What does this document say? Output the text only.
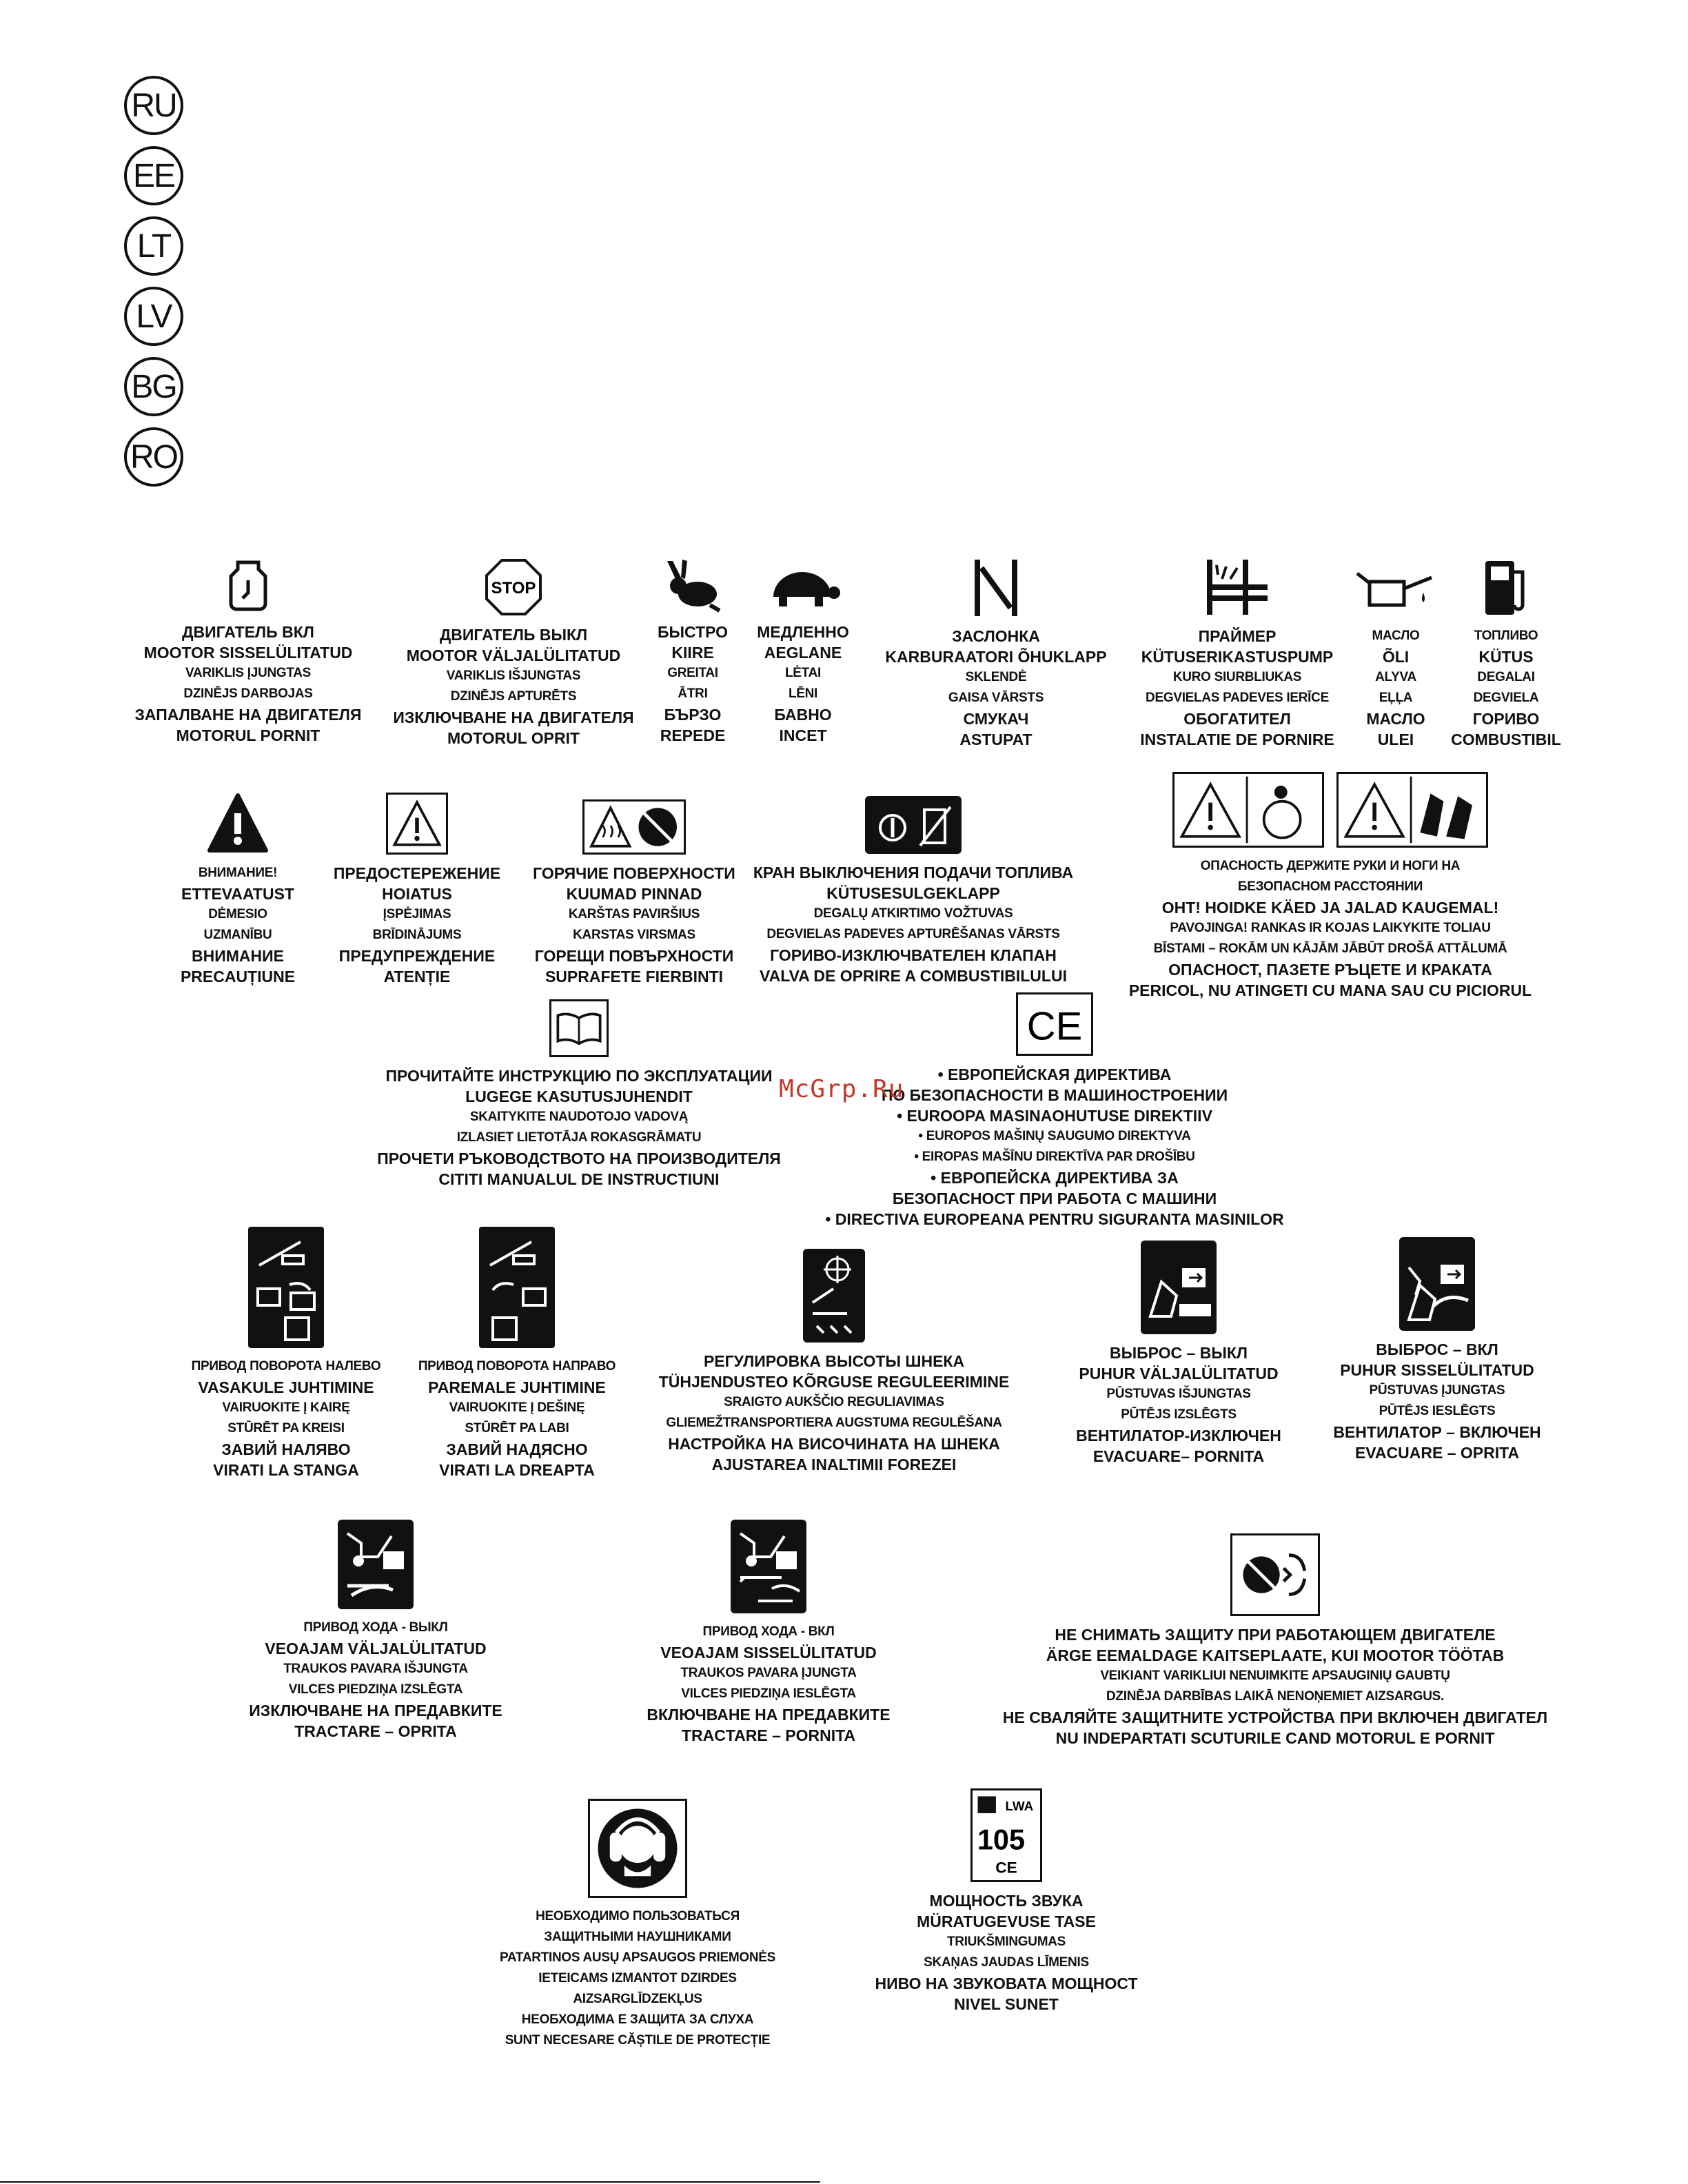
RU
EE
LT
LV
BG
RO
ДВИГАТЕЛЬ ВКЛ
MOOTOR SISSELÜLITATUD
VARIKLIS ĮJUNGTAS
DZINĒJS DARBOJAS
ЗАПАЛВАНЕ НА ДВИГАТЕЛЯ
MOTORUL PORNIT
STOP
ДВИГАТЕЛЬ ВЫКЛ
MOOTOR VÄLJALÜLITATUD
VARIKLIS IŠJUNGTAS
DZINĒJS APTURĒTS
ИЗКЛЮЧВАНЕ НА ДВИГАТЕЛЯ
MOTORUL OPRIT
БЫСТРО
KIIRE
GREITAI
ĀTRI
БЪРЗО
REPEDE
МЕДЛЕННО
AEGLANE
LĖTAI
LĒNI
БАВНО
INCET
ЗАСЛОНКА
KARBURAATORI ÕHUKLAPP
SKLENDĖ
GAISA VĀRSTS
СМУКАЧ
ASTUPAT
ПРАЙМЕР
KÜTUSERIKASTUSPUMP
KURO SIURBLIUKAS
DEGVIELAS PADEVES IERĪCE
ОБОГАТИТЕЛ
INSTALATIE DE PORNIRE
МАСЛО
ÕLI
ALYVA
EĻĻA
МАСЛО
ULEI
ТОПЛИВО
KÜTUS
DEGALAI
DEGVIELA
ГОРИВО
COMBUSTIBIL
ВНИМАНИЕ!
ETTEVAATUST
DĖMESIO
UZMANĪBU
ВНИМАНИЕ
PRECAUȚIUNE
ПРЕДОСТЕРЕЖЕНИЕ
HOIATUS
ĮSPĖJIMAS
BRĪDINĀJUMS
ПРЕДУПРЕЖДЕНИЕ
ATENȚIE
ГОРЯЧИЕ ПОВЕРХНОСТИ
KUUMAD PINNAD
KARŠTAS PAVIRŠIUS
KARSTAS VIRSMAS
ГОРЕЩИ ПОВЪРХНОСТИ
SUPRAFETE FIERBINTI
КРАН ВЫКЛЮЧЕНИЯ ПОДАЧИ ТОПЛИВА
KÜTUSESULGEKLAPP
DEGALŲ ATKIRTIMO VOŽTUVAS
DEGVIELAS PADEVES APTURĒŠANAS VĀRSTS
ГОРИВО-ИЗКЛЮЧВАТЕЛЕН КЛАПАН
VALVA DE OPRIRE A COMBUSTIBILULUI
ОПАСНОСТЬ ДЕРЖИТЕ РУКИ И НОГИ НА
БЕЗОПАСНОМ РАССТОЯНИИ
OHT! HOIDKE KÄED JA JALAD KAUGEMAL!
PAVOJINGA! RANKAS IR KOJAS LAIKYKITE TOLIAU
BĪSTAMI – ROKĀM UN KĀJĀM JĀBŪT DROŠĀ ATTĀLUMĀ
ОПАСНОСТ, ПАЗЕТЕ РЪЦЕТЕ И КРАКАТА
PERICOL, NU ATINGETI CU MANA SAU CU PICIORUL
ПРОЧИТАЙТЕ ИНСТРУКЦИЮ ПО ЭКСПЛУАТАЦИИ
LUGEGE KASUTUSJUHENDIT
SKAITYKITE NAUDOTOJO VADOVĄ
IZLASIET LIETOTĀJA ROKASGRĀMATU
ПРОЧЕТИ РЪКОВОДСТВОТО НА ПРОИЗВОДИТЕЛЯ
CITITI MANUALUL DE INSTRUCTIUNI
CE
• ЕВРОПЕЙСКАЯ ДИРЕКТИВА
ПО БЕЗОПАСНОСТИ В МАШИНОСТРОЕНИИ
• EUROOPA MASINAOHUTUSE DIREKTIIV
• EUROPOS MAŠINŲ SAUGUMO DIREKTYVA
• EIROPAS MAŠĪNU DIREKTĪVA PAR DROŠĪBU
• ЕВРОПЕЙСКА ДИРЕКТИВА ЗА
БЕЗОПАСНОСТ ПРИ РАБОТА С МАШИНИ
• DIRECTIVA EUROPEANA PENTRU SIGURANTA MASINILOR
McGrp.Ru
ПРИВОД ПОВОРОТА НАЛЕВО
VASAKULE JUHTIMINE
VAIRUOKITE Į KAIRĘ
STŪRĒT PA KREISI
ЗАВИЙ НАЛЯВО
VIRATI LA STANGA
ПРИВОД ПОВОРОТА НАПРАВО
PAREMALE JUHTIMINE
VAIRUOKITE Į DEŠINĘ
STŪRĒT PA LABI
ЗАВИЙ НАДЯСНО
VIRATI LA DREAPTA
РЕГУЛИРОВКА ВЫСОТЫ ШНЕКА
TÜHJENDUSTEO KÕRGUSE REGULEERIMINE
SRAIGTO AUKŠČIO REGULIAVIMAS
GLIEMEŽTRANSPORTIERA AUGSTUMA REGULĒŠANA
НАСТРОЙКА НА ВИСОЧИНАТА НА ШНЕКА
AJUSTAREA INALTIMII FOREZEI
ВЫБРОС – ВЫКЛ
PUHUR VÄLJALÜLITATUD
PŪSTUVAS IŠJUNGTAS
PŪTĒJS IZSLĒGTS
ВЕНТИЛАТОР-ИЗКЛЮЧЕН
EVACUARE– PORNITA
ВЫБРОС – ВКЛ
PUHUR SISSELÜLITATUD
PŪSTUVAS ĮJUNGTAS
PŪTĒJS IESLĒGTS
ВЕНТИЛАТОР – ВКЛЮЧЕН
EVACUARE – OPRITA
ПРИВОД ХОДА - ВЫКЛ
VEOAJAM VÄLJALÜLITATUD
TRAUKOS PAVARA IŠJUNGTA
VILCES PIEDZIŅA IZSLĒGTA
ИЗКЛЮЧВАНЕ НА ПРЕДАВКИТЕ
TRACTARE – OPRITA
ПРИВОД ХОДА - ВКЛ
VEOAJAM SISSELÜLITATUD
TRAUKOS PAVARA ĮJUNGTA
VILCES PIEDZIŅA IESLĒGTA
ВКЛЮЧВАНЕ НА ПРЕДАВКИТЕ
TRACTARE – PORNITA
НЕ СНИМАТЬ ЗАЩИТУ ПРИ РАБОТАЮЩЕМ ДВИГАТЕЛЕ
ÄRGE EEMALDAGE KAITSEPLAATE, KUI MOOTOR TÖÖTAB
VEIKIANT VARIKLIUI NENUIMKITE APSAUGINIŲ GAUBTŲ
DZINĒJA DARBĪBAS LAIKĀ NENOŅEMIET AIZSARGUS.
НЕ СВАЛЯЙТЕ ЗАЩИТНИТЕ УСТРОЙСТВА ПРИ ВКЛЮЧЕН ДВИГАТЕЛ
NU INDEPARTATI SCUTURILE CAND MOTORUL E PORNIT
НЕОБХОДИМО ПОЛЬЗОВАТЬСЯ
ЗАЩИТНЫМИ НАУШНИКАМИ
PATARTINOS AUSŲ APSAUGOS PRIEMONĖS
IETEICAMS IZMANTOT DZIRDES
AIZSARGLĪDZEKĻUS
НЕОБХОДИМА Е ЗАЩИТА ЗА СЛУХА
SUNT NECESARE CĂȘTILE DE PROTECȚIE
LWA
105
CE
МОЩНОСТЬ ЗВУКА
MÜRATUGEVUSE TASE
TRIUKŠMINGUMAS
SKAŅAS JAUDAS LĪMENIS
НИВО НА ЗВУКОВАТА МОЩНОСТ
NIVEL SUNET
